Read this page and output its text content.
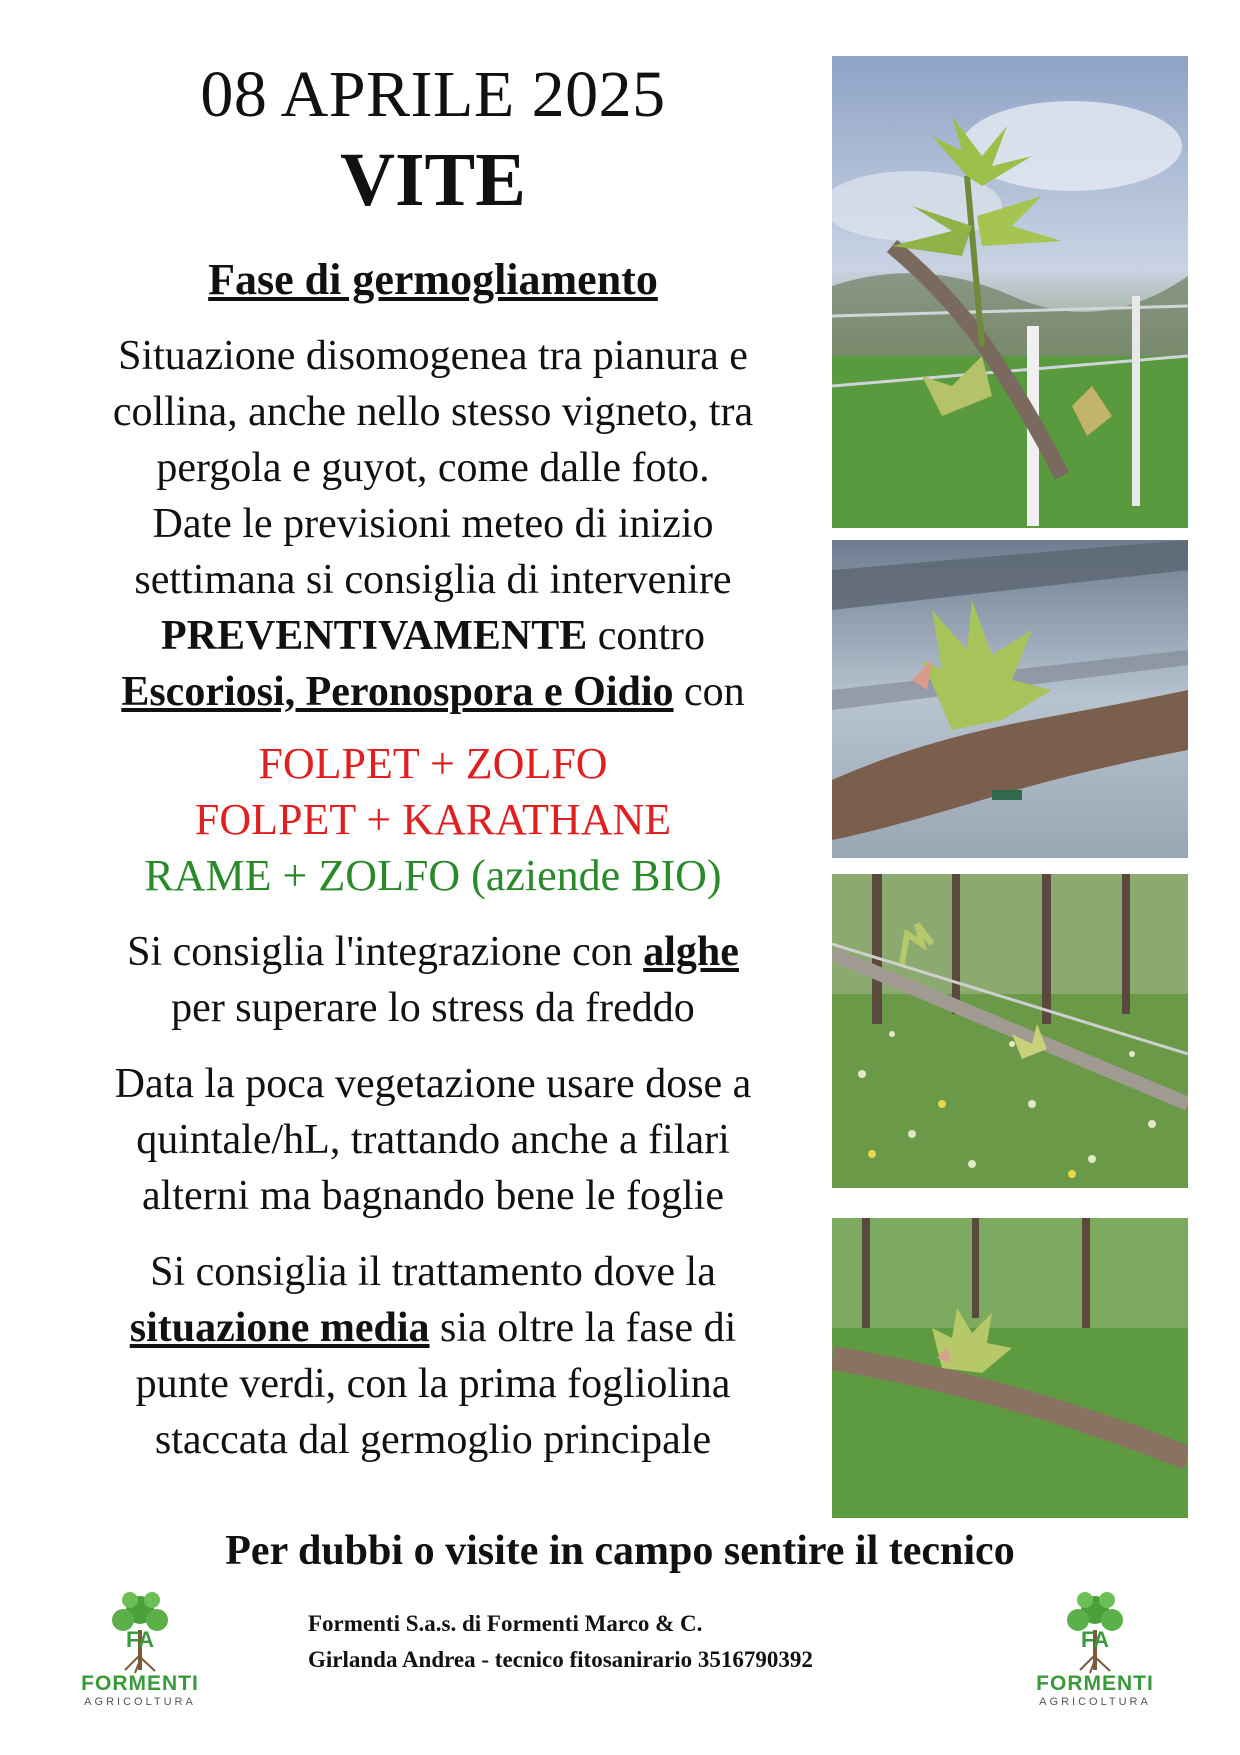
08 APRILE 2025
VITE
Fase di germogliamento
Situazione disomogenea tra pianura e
collina, anche nello stesso vigneto, tra
pergola e guyot, come dalle foto.
Date le previsioni meteo di inizio
settimana si consiglia di intervenire
PREVENTIVAMENTE contro
Escoriosi, Peronospora e Oidio con
FOLPET + ZOLFO
FOLPET + KARATHANE
RAME + ZOLFO (aziende BIO)
Si consiglia l'integrazione con alghe
per superare lo stress da freddo
Data la poca vegetazione usare dose a
quintale/hL, trattando anche a filari
alterni ma bagnando bene le foglie
Si consiglia il trattamento dove la
situazione media sia oltre la fase di
punte verdi, con la prima fogliolina
staccata dal germoglio principale
Per dubbi o visite in campo sentire il tecnico
FA
FORMENTI
AGRICOLTURA
Formenti S.a.s. di Formenti Marco & C.
Girlanda Andrea - tecnico fitosanirario 3516790392
FA
FORMENTI
AGRICOLTURA
